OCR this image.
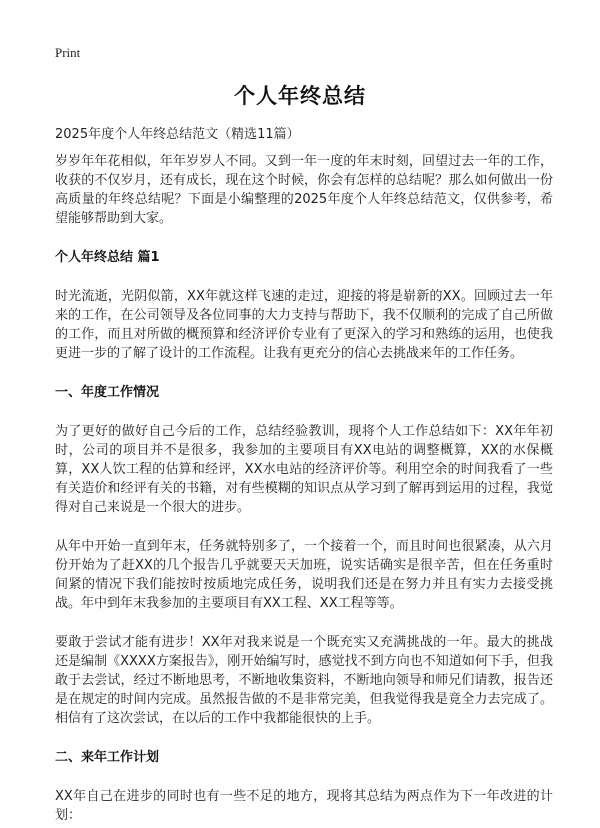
Print
个人年终总结
2025年度个人年终总结范文（精选11篇）

岁岁年年花相似，年年岁岁人不同。又到一年一度的年末时刻，回望过去一年的工作，收获的不仅岁月，还有成长，现在这个时候，你会有怎样的总结呢？那么如何做出一份高质量的年终总结呢？下面是小编整理的2025年度个人年终总结范文，仅供参考，希望能够帮助到大家。

个人年终总结 篇1

时光流逝，光阴似箭，XX年就这样飞速的走过，迎接的将是崭新的XX。回顾过去一年来的工作，在公司领导及各位同事的大力支持与帮助下，我不仅顺利的完成了自己所做的工作，而且对所做的概预算和经济评价专业有了更深入的学习和熟练的运用，也使我更进一步的了解了设计的工作流程。让我有更充分的信心去挑战来年的工作任务。

一、年度工作情况

为了更好的做好自己今后的工作，总结经验教训，现将个人工作总结如下：XX年年初时，公司的项目并不是很多，我参加的主要项目有XX电站的调整概算，XX的水保概算，XX人饮工程的估算和经评，XX水电站的经济评价等。利用空余的时间我看了一些有关造价和经评有关的书籍，对有些模糊的知识点从学习到了解再到运用的过程，我觉得对自己来说是一个很大的进步。

从年中开始一直到年末，任务就特别多了，一个接着一个，而且时间也很紧凑，从六月份开始为了赶XX的几个报告几乎就要天天加班，说实话确实是很辛苦，但在任务重时间紧的情况下我们能按时按质地完成任务，说明我们还是在努力并且有实力去接受挑战。年中到年末我参加的主要项目有XX工程、XX工程等等。

要敢于尝试才能有进步！XX年对我来说是一个既充实又充满挑战的一年。最大的挑战还是编制《XXXX方案报告》，刚开始编写时，感觉找不到方向也不知道如何下手，但我敢于去尝试，经过不断地思考，不断地收集资料，不断地向领导和师兄们请教，报告还是在规定的时间内完成。虽然报告做的不是非常完美，但我觉得我是竟全力去完成了。相信有了这次尝试，在以后的工作中我都能很快的上手。

二、来年工作计划

XX年自己在进步的同时也有一些不足的地方，现将其总结为两点作为下一年改进的计划：
